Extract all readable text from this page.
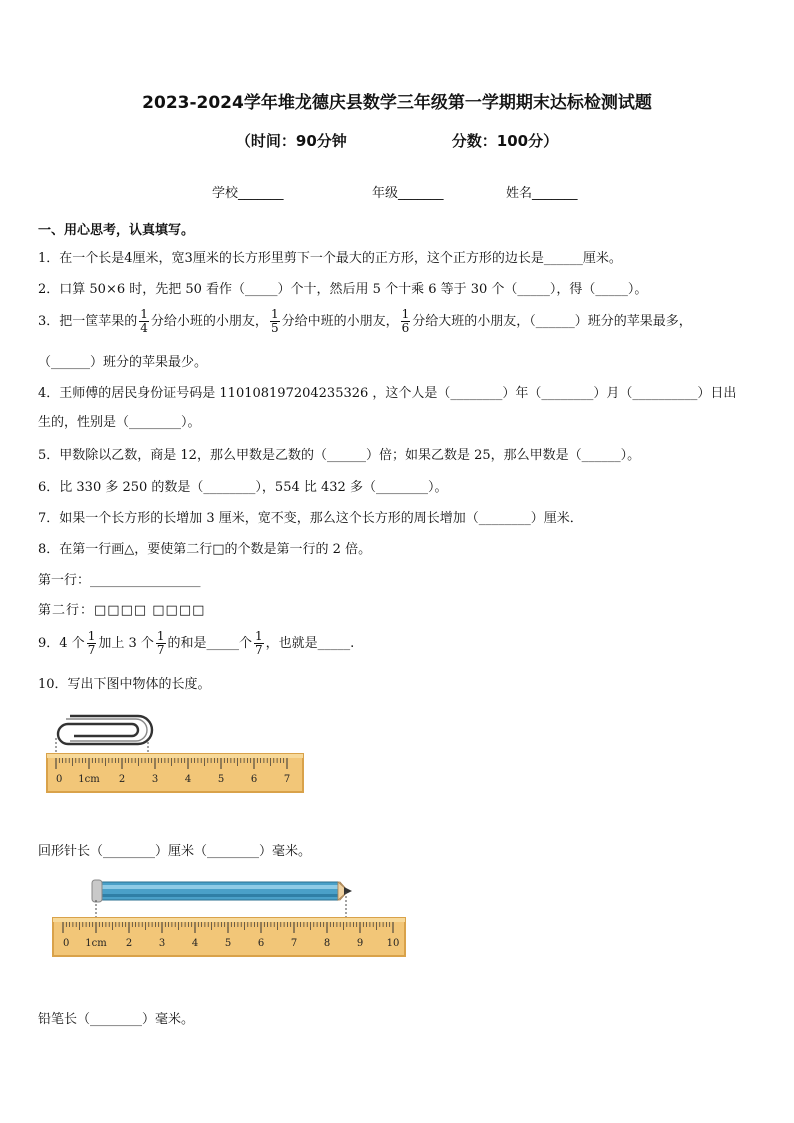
2023-2024学年堆龙德庆县数学三年级第一学期期末达标检测试题
（时间：90分钟	分数：100分）
学校_______	年级_______	姓名_______
一、用心思考，认真填写。
1．在一个长是4厘米，宽3厘米的长方形里剪下一个最大的正方形，这个正方形的边长是______厘米。
2．口算 50×6 时，先把 50 看作（_____）个十，然后用 5 个十乘 6 等于 30 个（_____），得（_____）。
3．把一筐苹果的 $\frac{1}{4}$ 分给小班的小朋友， $\frac{1}{5}$ 分给中班的小朋友， $\frac{1}{6}$ 分给大班的小朋友，（______）班分的苹果最多，
（______）班分的苹果最少。
4．王师傅的居民身份证号码是 110108197204235326 ，这个人是（________）年（________）月（__________）日出
生的，性别是（________）。
5．甲数除以乙数，商是 12，那么甲数是乙数的（______）倍；如果乙数是 25，那么甲数是（______）。
6．比 330 多 250 的数是（________），554 比 432 多（________）。
7．如果一个长方形的长增加 3 厘米，宽不变，那么这个长方形的周长增加（________）厘米．
8．在第一行画△，要使第二行□的个数是第一行的 2 倍。
第一行：_________________
第二行：□□□□ □□□□
9．4 个 $\frac{1}{7}$ 加上 3 个 $\frac{1}{7}$ 的和是_____个 $\frac{1}{7}$ ，也就是_____.
10．写出下图中物体的长度。
0 1cm 2	3	4	5	6	7
回形针长（________）厘米（________）毫米。
0 1cm 2	3	4	5	6	7	8	9 10
铅笔长（________）毫米。
